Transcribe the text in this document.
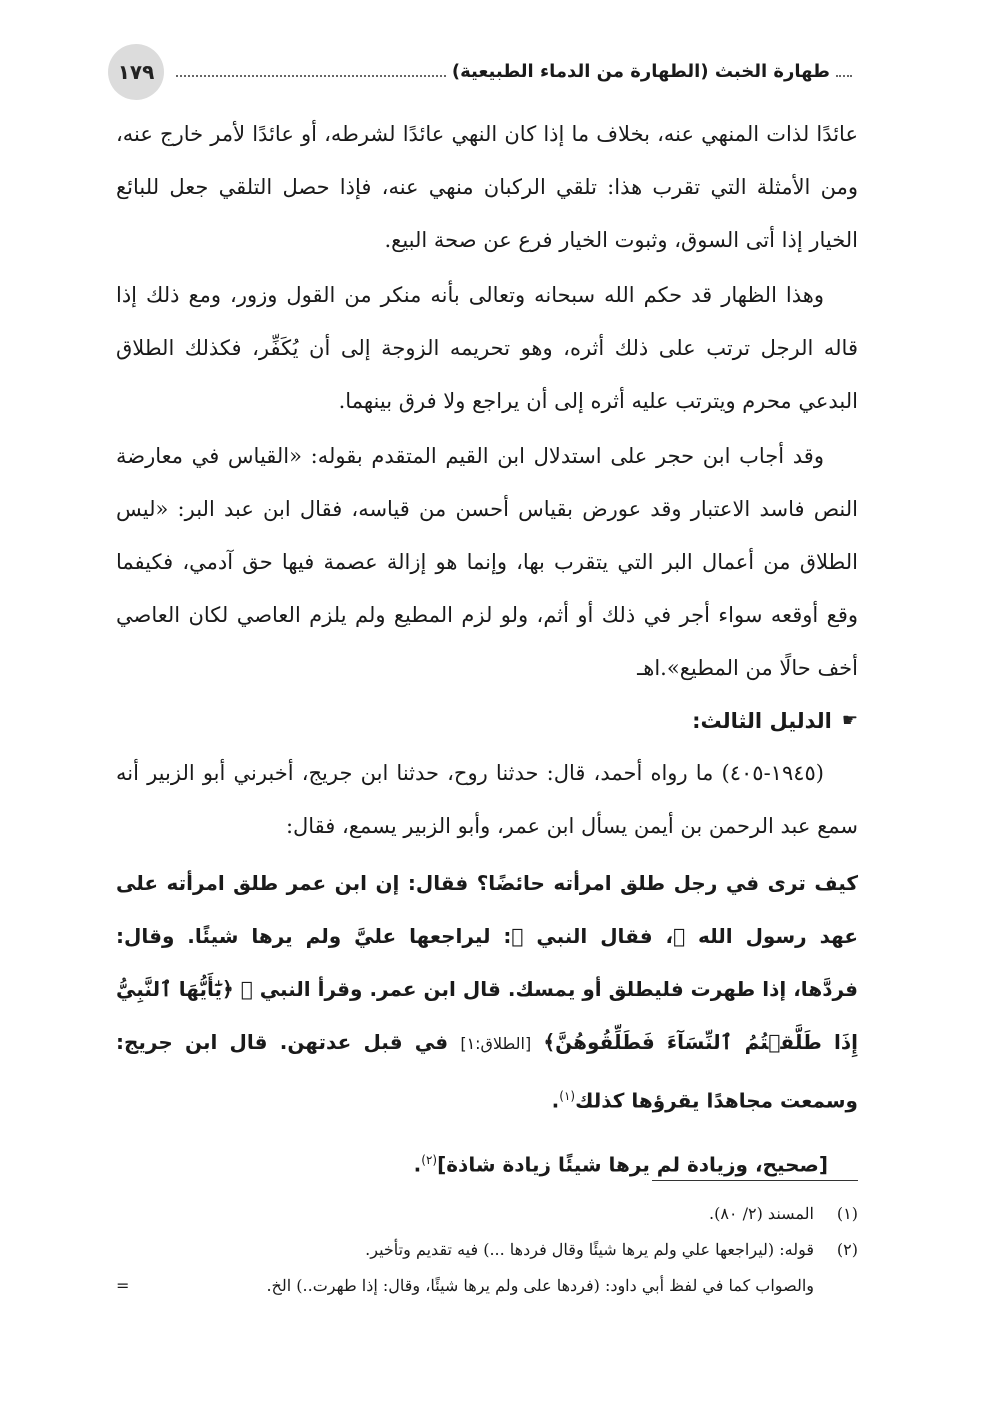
١٧٩	طهارة الخبث (الطهارة من الدماء الطبيعية)

عائدًا لذات المنهي عنه، بخلاف ما إذا كان النهي عائدًا لشرطه، أو عائدًا لأمر خارج عنه، ومن الأمثلة التي تقرب هذا: تلقي الركبان منهي عنه، فإذا حصل التلقي جعل للبائع الخيار إذا أتى السوق، وثبوت الخيار فرع عن صحة البيع.

وهذا الظهار قد حكم الله سبحانه وتعالى بأنه منكر من القول وزور، ومع ذلك إذا قاله الرجل ترتب على ذلك أثره، وهو تحريمه الزوجة إلى أن يُكَفِّر، فكذلك الطلاق البدعي محرم ويترتب عليه أثره إلى أن يراجع ولا فرق بينهما.

وقد أجاب ابن حجر على استدلال ابن القيم المتقدم بقوله: «القياس في معارضة النص فاسد الاعتبار وقد عورض بقياس أحسن من قياسه، فقال ابن عبد البر: «ليس الطلاق من أعمال البر التي يتقرب بها، وإنما هو إزالة عصمة فيها حق آدمي، فكيفما وقع أوقعه سواء أجر في ذلك أو أثم، ولو لزم المطيع ولم يلزم العاصي لكان العاصي أخف حالًا من المطيع».اهـ

☛
الدليل الثالث:

(١٩٤٥-٤٠٥) ما رواه أحمد، قال: حدثنا روح، حدثنا ابن جريج، أخبرني أبو الزبير أنه سمع عبد الرحمن بن أيمن يسأل ابن عمر، وأبو الزبير يسمع، فقال:

كيف ترى في رجل طلق امرأته حائضًا؟ فقال: إن ابن عمر طلق امرأته على عهد رسول الله ﷺ، فقال النبي ﷺ: ليراجعها عليَّ ولم يرها شيئًا. وقال: فردَّها، إذا طهرت فليطلق أو يمسك. قال ابن عمر. وقرأ النبي ﷺ ﴿يَٰٓأَيُّهَا ٱلنَّبِيُّ إِذَا طَلَّقۡتُمُ ٱلنِّسَآءَ فَطَلِّقُوهُنَّ﴾ [الطلاق:١] في قبل عدتهن. قال ابن جريج: وسمعت مجاهدًا يقرؤها كذلك$^{(١)}$.

[صحيح، وزيادة لم يرها شيئًا زيادة شاذة]$^{(٢)}$.
(١)
المسند (٢/ ٨٠).
(٢)
قوله: (ليراجعها علي ولم يرها شيئًا وقال فردها ...) فيه تقديم وتأخير.
والصواب كما في لفظ أبي داود: (فردها على ولم يرها شيئًا، وقال: إذا طهرت..) الخ.
=
